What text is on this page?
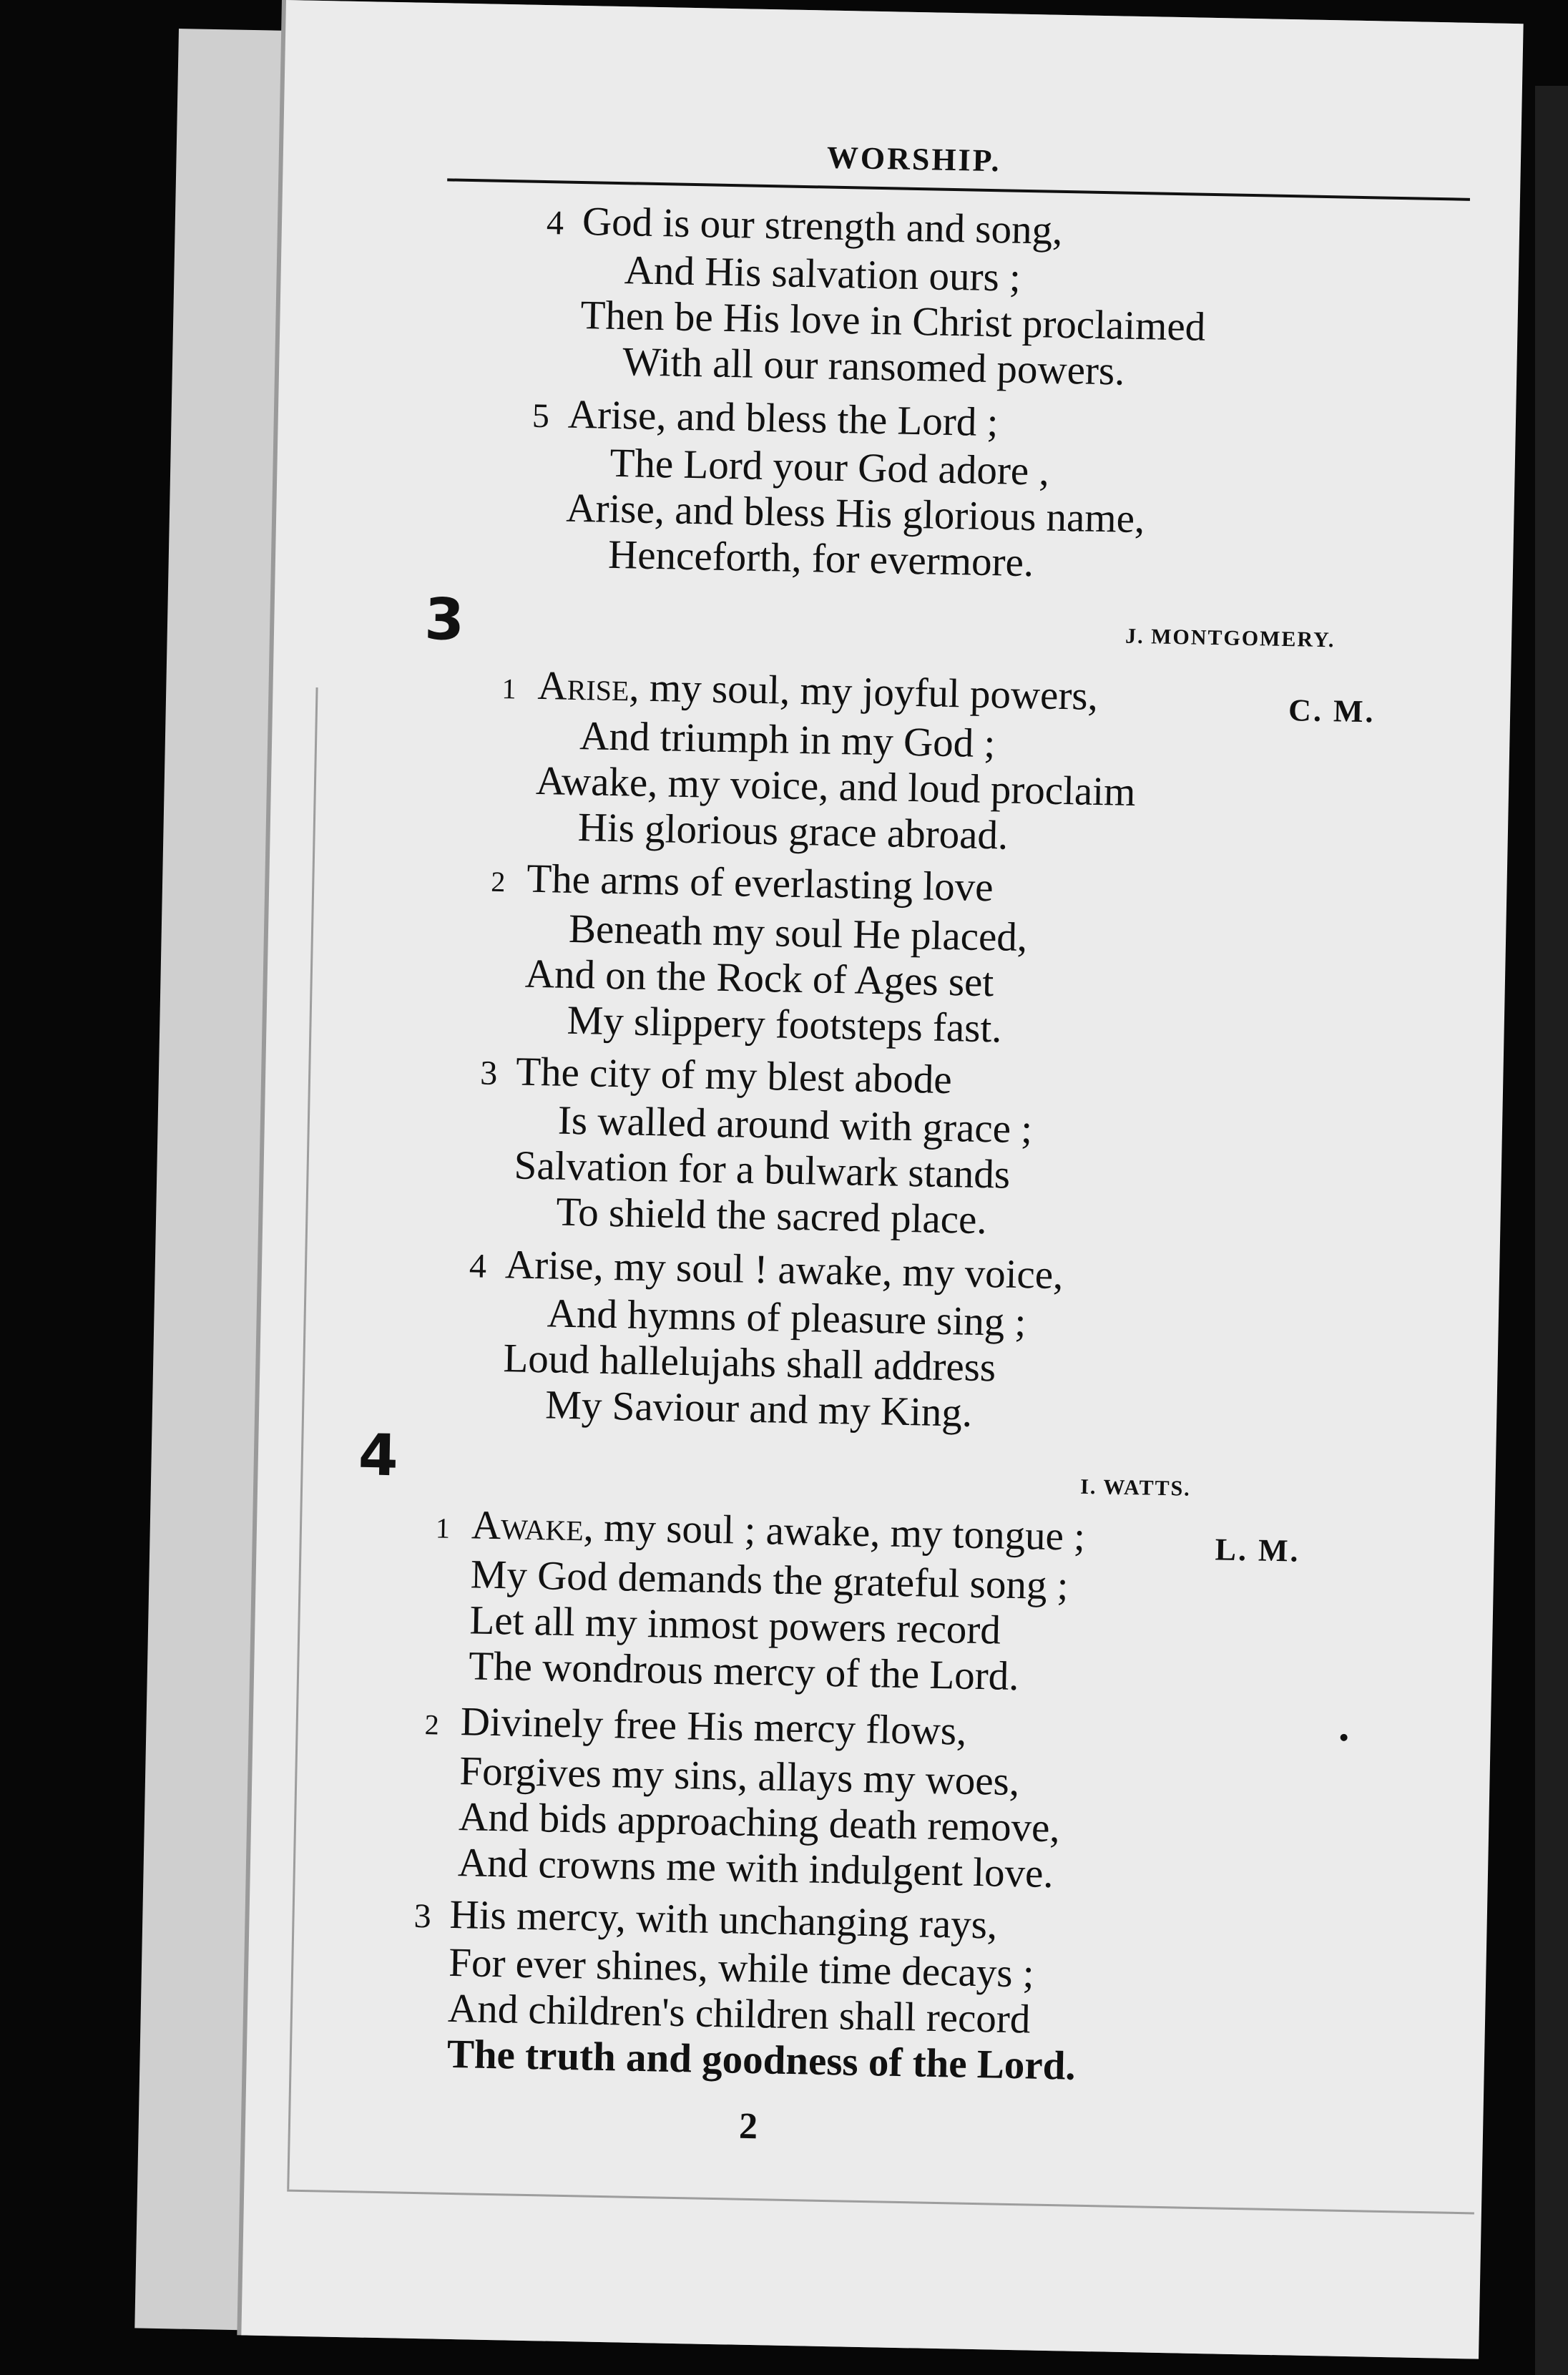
WORSHIP.
4 God is our strength and song,
And His salvation ours ;
Then be His love in Christ proclaimed
With all our ransomed powers.
5 Arise, and bless the Lord ;
The Lord your God adore ,
Arise, and bless His glorious name,
Henceforth, for evermore.
3	J. MONTGOMERY.
C. M.
1 Arise, my soul, my joyful powers,
And triumph in my God ;
Awake, my voice, and loud proclaim
His glorious grace abroad.
2 The arms of everlasting love
Beneath my soul He placed,
And on the Rock of Ages set
My slippery footsteps fast.
3 The city of my blest abode
Is walled around with grace ;
Salvation for a bulwark stands
To shield the sacred place.
4 Arise, my soul ! awake, my voice,
And hymns of pleasure sing ;
Loud hallelujahs shall address
My Saviour and my King.
4	I. WATTS.
L. M.
1 Awake, my soul ; awake, my tongue ;
My God demands the grateful song ;
Let all my inmost powers record
The wondrous mercy of the Lord.
2 Divinely free His mercy flows,
Forgives my sins, allays my woes,
And bids approaching death remove,
And crowns me with indulgent love.
3 His mercy, with unchanging rays,
For ever shines, while time decays ;
And children's children shall record
The truth and goodness of the Lord.
2
